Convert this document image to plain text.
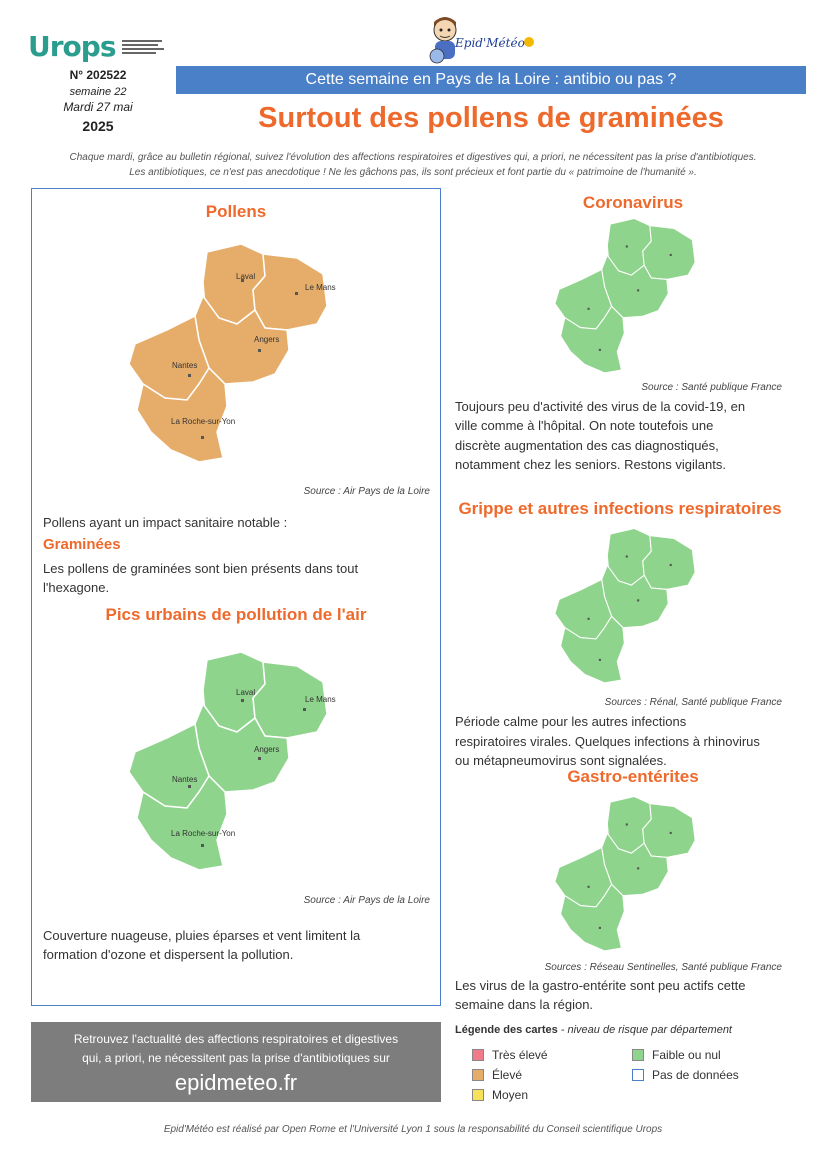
Urops	Epid'Météo
N° 202522
semaine 22
Mardi 27 mai
2025
Cette semaine en Pays de la Loire : antibio ou pas ?
Surtout des pollens de graminées
Chaque mardi, grâce au bulletin régional, suivez l'évolution des affections respiratoires et digestives qui, a priori, ne nécessitent pas la prise d'antibiotiques.
Les antibiotiques, ce n'est pas anecdotique ! Ne les gâchons pas, ils sont précieux et font partie du « patrimoine de l'humanité ».
Pollens
Laval
Le Mans
Angers
Nantes
La Roche-sur-Yon
Source : Air Pays de la Loire
Pollens ayant un impact sanitaire notable :
Graminées
Les pollens de graminées sont bien présents dans tout
l'hexagone.
Pics urbains de pollution de l'air
Laval
Le Mans
Angers
Nantes
La Roche-sur-Yon
Source : Air Pays de la Loire
Couverture nuageuse, pluies éparses et vent limitent la
formation d'ozone et dispersent la pollution.
Coronavirus
Source : Santé publique France
Toujours peu d'activité des virus de la covid-19, en
ville comme à l'hôpital. On note toutefois une
discrète augmentation des cas diagnostiqués,
notamment chez les seniors. Restons vigilants.
Grippe et autres infections respiratoires
Sources : Rénal, Santé publique France
Période calme pour les autres infections
respiratoires virales. Quelques infections à rhinovirus
ou métapneumovirus sont signalées.
Gastro-entérites
Sources : Réseau Sentinelles, Santé publique France
Les virus de la gastro-entérite sont peu actifs cette
semaine dans la région.
Retrouvez l'actualité des affections respiratoires et digestives
qui, a priori, ne nécessitent pas la prise d'antibiotiques sur
epidmeteo.fr
Légende des cartes - niveau de risque par département
Très élevé
Élevé
Moyen
Faible ou nul
Pas de données
Epid'Météo est réalisé par Open Rome et l'Université Lyon 1 sous la responsabilité du Conseil scientifique Urops
